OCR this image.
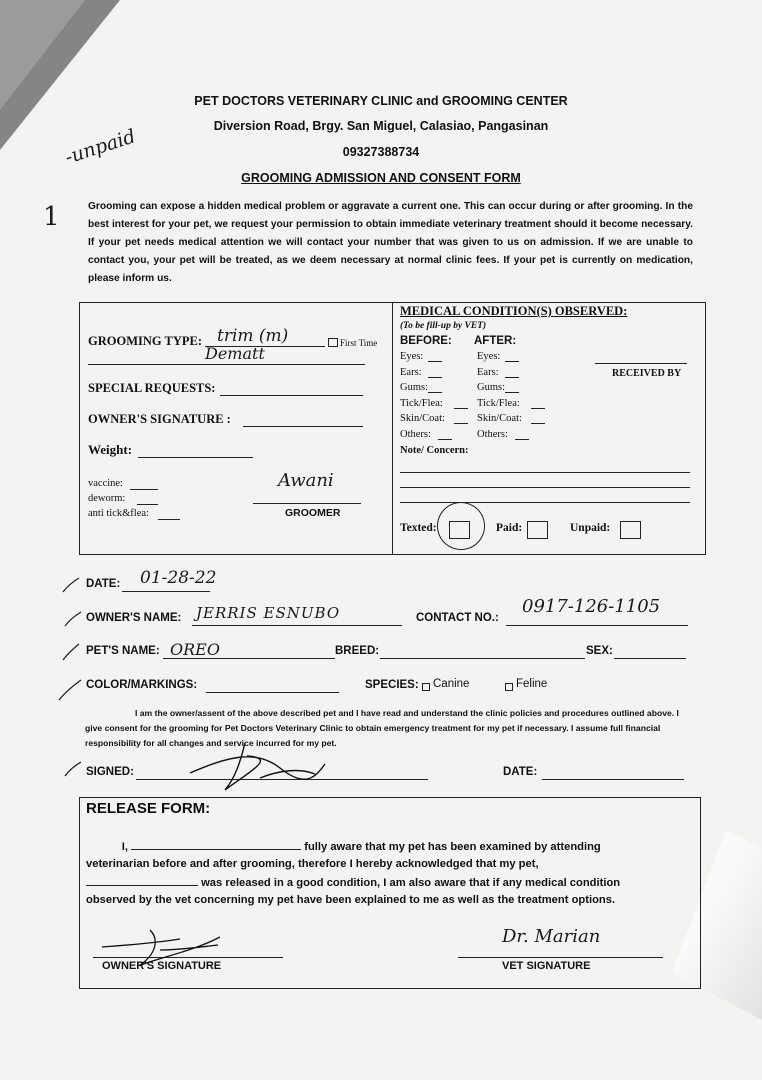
PET DOCTORS VETERINARY CLINIC and GROOMING CENTER
Diversion Road, Brgy. San Miguel, Calasiao, Pangasinan
09327388734
GROOMING ADMISSION AND CONSENT FORM
-unpaid
1	Grooming can expose a hidden medical problem or aggravate a current one. This can occur during or after grooming. In the best interest for your pet, we request your permission to obtain immediate veterinary treatment should it become necessary. If your pet needs medical attention we will contact your number that was given to us on admission. If we are unable to contact you, your pet will be treated, as we deem necessary at normal clinic fees. If your pet is currently on medication, please inform us.
GROOMING TYPE: trim (m)	First Time
Dematt
SPECIAL REQUESTS:
OWNER'S SIGNATURE :
Weight:
vaccine:
deworm:
anti tick&flea:
Awani
GROOMER
MEDICAL CONDITION(S) OBSERVED:
(To be fill-up by VET)
BEFORE: AFTER:
Eyes:	Eyes:
Ears:	Ears:
Gums:	Gums:
Tick/Flea:	Tick/Flea:
Skin/Coat:	Skin/Coat:
Others:	Others:
RECEIVED BY
Note/ Concern:
Texted:	Paid:	Unpaid:
DATE: 01-28-22
OWNER'S NAME: JERRIS ESNUBO	CONTACT NO.:
0917-126-1105
PET'S NAME: OREO	BREED:	SEX:
COLOR/MARKINGS:	SPECIES: Canine	Feline
I am the owner/assent of the above described pet and I have read and understand the clinic policies and procedures outlined above. I give consent for the grooming for Pet Doctors Veterinary Clinic to obtain emergency treatment for my pet if necessary. I assume full financial responsibility for all changes and service incurred for my pet.
SIGNED:	DATE:
RELEASE FORM:
I,	fully aware that my pet has been examined by attending
veterinarian before and after grooming, therefore I hereby acknowledged that my pet,
was released in a good condition, I am also aware that if any medical condition
observed by the vet concerning my pet have been explained to me as well as the treatment options.
OWNER'S SIGNATURE
Dr. Marian
VET SIGNATURE
